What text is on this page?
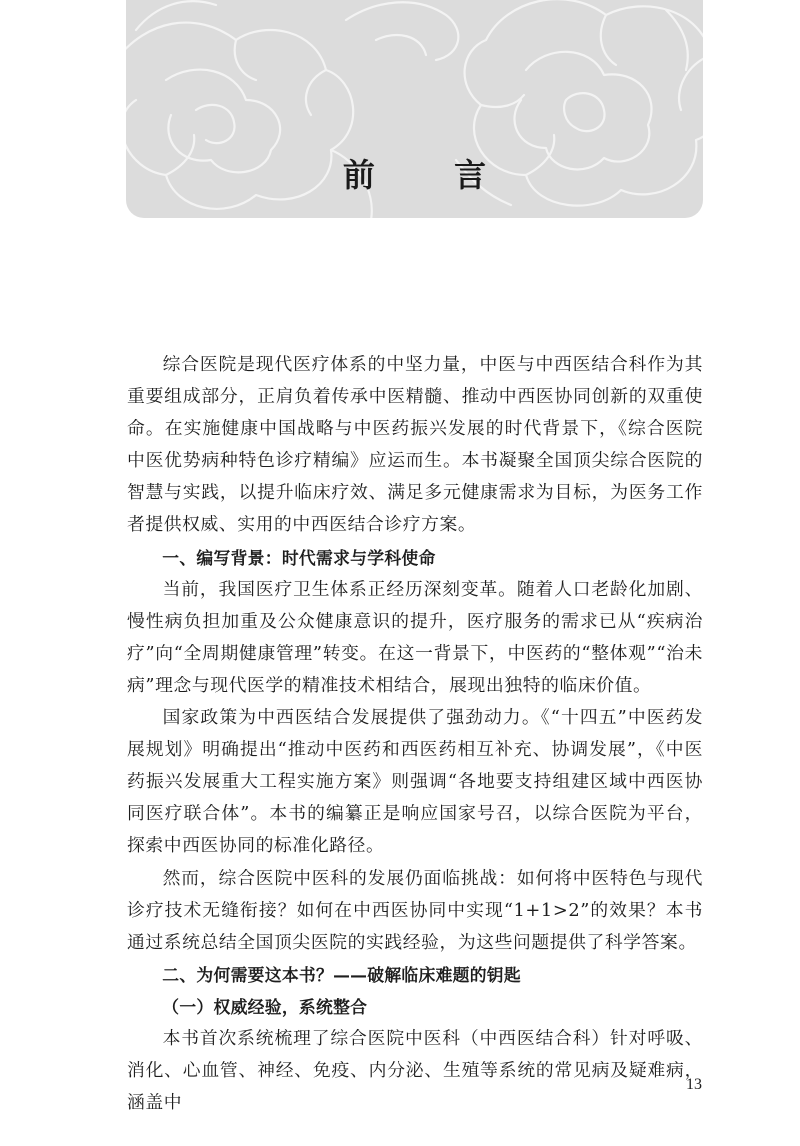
前 言

综合医院是现代医疗体系的中坚力量，中医与中西医结合科作为其重要组成部分，正肩负着传承中医精髓、推动中西医协同创新的双重使命。在实施健康中国战略与中医药振兴发展的时代背景下，《综合医院中医优势病种特色诊疗精编》应运而生。本书凝聚全国顶尖综合医院的智慧与实践，以提升临床疗效、满足多元健康需求为目标，为医务工作者提供权威、实用的中西医结合诊疗方案。

一、编写背景：时代需求与学科使命

当前，我国医疗卫生体系正经历深刻变革。随着人口老龄化加剧、慢性病负担加重及公众健康意识的提升，医疗服务的需求已从“疾病治疗”向“全周期健康管理”转变。在这一背景下，中医药的“整体观”“治未病”理念与现代医学的精准技术相结合，展现出独特的临床价值。

国家政策为中西医结合发展提供了强劲动力。《“十四五”中医药发展规划》明确提出“推动中医药和西医药相互补充、协调发展”，《中医药振兴发展重大工程实施方案》则强调“各地要支持组建区域中西医协同医疗联合体”。本书的编纂正是响应国家号召，以综合医院为平台，探索中西医协同的标准化路径。

然而，综合医院中医科的发展仍面临挑战：如何将中医特色与现代诊疗技术无缝衔接？如何在中西医协同中实现“1+1>2”的效果？本书通过系统总结全国顶尖医院的实践经验，为这些问题提供了科学答案。

二、为何需要这本书？——破解临床难题的钥匙
（一）权威经验，系统整合

本书首次系统梳理了综合医院中医科（中西医结合科）针对呼吸、消化、心血管、神经、免疫、内分泌、生殖等系统的常见病及疑难病，涵盖中

13
